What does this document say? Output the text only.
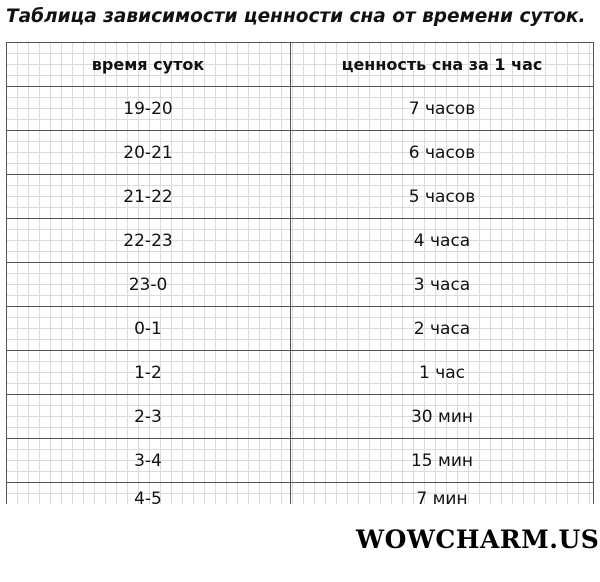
Таблица зависимости ценности сна от времени суток.
время суток	ценность сна за 1 час
19-20	7 часов
20-21	6 часов
21-22	5 часов
22-23	4 часа
23-0	3 часа
0-1	2 часа
1-2	1 час
2-3	30 мин
3-4	15 мин
4-5	7 мин
WOWCHARM.US
